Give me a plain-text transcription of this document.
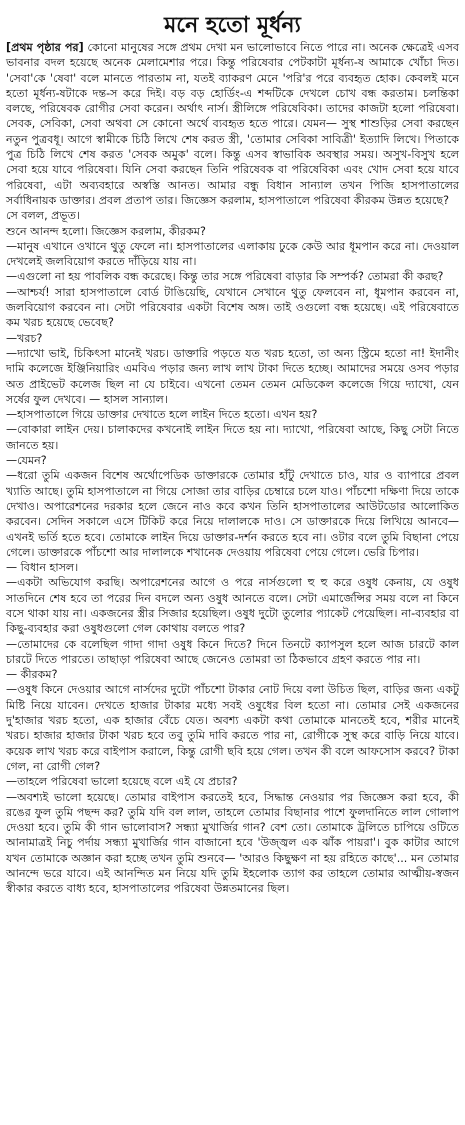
মনে হতো মূর্ধন্য

[প্রথম পৃষ্ঠার পর] কোনো মানুষের সঙ্গে প্রথম দেখা মন ভালোভাবে নিতে পারে না। অনেক ক্ষেত্রেই এসব ভাবনার বদল হয়েছে অনেক মেলামেশার পরে। কিন্তু পরিষেবার পেটকাটা মূর্ধন্য-ষ আমাকে খোঁচা দিত। 'সেবা'কে 'ষেবা' বলে মানতে পারতাম না, যতই ব্যাকরণ মেনে 'পরি'র পরে ব্যবহৃত হোক। কেবলই মনে হতো মূর্ধন্য-ষটাকে দন্ত-স করে দিই। বড় বড় হোর্ডিং-এ শব্দটিকে দেখলে চোখ বন্ধ করতাম। চলন্তিকা বলছে, পরিষেবক রোগীর সেবা করেন। অর্থাৎ নার্স। স্ত্রীলিঙ্গে পরিষেবিকা। তাদের কাজটা হলো পরিষেবা। সেবক, সেবিকা, সেবা অথবা সে কোনো অর্থে ব্যবহৃত হতে পারে। যেমন— সুস্থ শাশুড়ির সেবা করছেন নতুন পুত্রবধূ। আগে স্বামীকে চিঠি লিখে শেষ করত স্ত্রী, 'তোমার সেবিকা সাবিত্রী' ইত্যাদি লিখে। পিতাকে পুত্র চিঠি লিখে শেষ করত 'সেবক অমুক' বলে। কিন্তু এসব স্বাভাবিক অবস্থার সময়। অসুখ-বিসুখ হলে সেবা হয়ে যাবে পরিষেবা। যিনি সেবা করছেন তিনি পরিষেবক বা পরিষেবিকা এবং খোদ সেবা হয়ে যাবে পরিষেবা, এটা অব্যবহারে অস্বস্তি আনত। আমার বন্ধু বিধান সান্যাল তখন পিজি হাসপাতালের সর্বাধিনায়ক ডাক্তার। প্রবল প্রতাপ তার। জিজ্ঞেস করলাম, হাসপাতালে পরিষেবা কীরকম উন্নত হয়েছে?

সে বলল, প্রভূত।

শুনে আনন্দ হলো। জিজ্ঞেস করলাম, কীরকম?

—মানুষ এখানে ওখানে থুতু ফেলে না। হাসপাতালের এলাকায় ঢুকে কেউ আর ধূমপান করে না। দেওয়াল দেখলেই জলবিয়োগ করতে দাঁড়িয়ে যায় না।

—এগুলো না হয় পাবলিক বন্ধ করেছে। কিন্তু তার সঙ্গে পরিষেবা বাড়ার কি সম্পর্ক? তোমরা কী করছ?

—আশ্চর্য! সারা হাসপাতালে বোর্ড টাঙিয়েছি, যেখানে সেখানে থুতু ফেলবেন না, ধূমপান করবেন না, জলবিয়োগ করবেন না। সেটা পরিষেবার একটা বিশেষ অঙ্গ। তাই ওগুলো বন্ধ হয়েছে। এই পরিষেবাতে কম খরচ হয়েছে ভেবেছ?

—খরচ?

—দ্যাখো ভাই, চিকিৎসা মানেই খরচ। ডাক্তারি পড়তে যত খরচ হতো, তা অন্য স্ট্রিমে হতো না! ইদানীং দামি কলেজে ইঞ্জিনিয়ারিং এমবিএ পড়ার জন্য লাখ লাখ টাকা দিতে হচ্ছে। আমাদের সময়ে ওসব পড়ার অত প্রাইভেট কলেজ ছিল না যে চাইবে। এখনো তেমন তেমন মেডিকেল কলেজে গিয়ে দ্যাখো, যেন সর্ষের ফুল দেখবে। — হাসল সান্যাল।

—হাসপাতালে গিয়ে ডাক্তার দেখাতে হলে লাইন দিতে হতো। এখন হয়?

—বোকারা লাইন দেয়। চালাকদের কখনোই লাইন দিতে হয় না। দ্যাখো, পরিষেবা আছে, কিছু সেটা নিতে জানতে হয়।

—যেমন?

—ধরো তুমি একজন বিশেষ অর্থোপেডিক ডাক্তারকে তোমার হাঁটু দেখাতে চাও, যার ও ব্যাপারে প্রবল খ্যাতি আছে। তুমি হাসপাতালে না গিয়ে সোজা তার বাড়ির চেম্বারে চলে যাও। পাঁচশো দক্ষিণা দিয়ে তাকে দেখাও। অপারেশনের দরকার হলে জেনে নাও কবে কখন তিনি হাসপাতালের আউটডোর আলোকিত করবেন। সেদিন সকালে এসে টিকিট করে নিয়ে দালালকে দাও। সে ডাক্তারকে দিয়ে লিখিয়ে আনবে— এখনই ভর্তি হতে হবে। তোমাকে লাইন দিয়ে ডাক্তার-দর্শন করতে হবে না। ওটার বলে তুমি বিছানা পেয়ে গেলে। ডাক্তারকে পাঁচশো আর দালালকে শখানেক দেওয়ায় পরিষেবা পেয়ে গেলে। ভেরি চিপার।

— বিধান হাসল।

—একটা অভিযোগ করছি। অপারেশনের আগে ও পরে নার্সগুলো হু হু করে ওষুধ কেনায়, যে ওষুধ সাতদিনে শেষ হবে তা পরের দিন বদলে অন্য ওষুধ আনতে বলে। সেটা এমার্জেন্সির সময় বলে না কিনে বসে থাকা যায় না। একজনের স্ত্রীর সিজার হয়েছিল। ওষুধ দুটো তুলোর প্যাকেট পেয়েছিল। না-ব্যবহার বা কিছু-ব্যবহার করা ওষুধগুলো গেল কোথায় বলতে পার?

—তোমাদের কে বলেছিল গাদা গাদা ওষুধ কিনে দিতে? দিনে তিনটে ক্যাপসুল হলে আজ চারটে কাল চারটে দিতে পারতে। তাছাড়া পরিষেবা আছে জেনেও তোমরা তা ঠিকভাবে গ্রহণ করতে পার না।

— কীরকম?

—ওষুধ কিনে দেওয়ার আগে নার্সদের দুটো পাঁচশো টাকার নোট দিয়ে বলা উচিত ছিল, বাড়ির জন্য একটু মিষ্টি নিয়ে যাবেন। দেখতে হাজার টাকার মধ্যে সবই ওষুধের বিল হতো না। তোমার সেই একজনের দু'হাজার খরচ হতো, এক হাজার বেঁচে যেত। অবশ্য একটা কথা তোমাকে মানতেই হবে, শরীর মানেই খরচ। হাজার হাজার টাকা খরচ হবে তবু তুমি দাবি করতে পার না, রোগীকে সুস্থ করে বাড়ি নিয়ে যাবে। কয়েক লাখ খরচ করে বাইপাস করালে, কিন্তু রোগী ছবি হয়ে গেল। তখন কী বলে আফসোস করবে? টাকা গেল, না রোগী গেল?

—তাহলে পরিষেবা ভালো হয়েছে বলে এই যে প্রচার?

—অবশ্যই ভালো হয়েছে। তোমার বাইপাস করতেই হবে, সিদ্ধান্ত নেওয়ার পর জিজ্ঞেস করা হবে, কী রঙের ফুল তুমি পছন্দ কর? তুমি যদি বল লাল, তাহলে তোমার বিছানার পাশে ফুলদানিতে লাল গোলাপ দেওয়া হবে। তুমি কী গান ভালোবাস? সন্ধ্যা মুখার্জির গান? বেশ তো। তোমাকে ট্রলিতে চাপিয়ে ওটিতে আনামাত্রই নিচু পর্দায় সন্ধ্যা মুখার্জির গান বাজানো হবে 'উজ্জ্বল এক ঝাঁক পায়রা'। বুক কাটার আগে যখন তোমাকে অজ্ঞান করা হচ্ছে তখন তুমি শুনবে— 'আরও কিছুক্ষণ না হয় রহিতে কাছে'... মন তোমার আনন্দে ভরে যাবে। এই আনন্দিত মন নিয়ে যদি তুমি ইহলোক ত্যাগ কর তাহলে তোমার আত্মীয়-স্বজন স্বীকার করতে বাধ্য হবে, হাসপাতালের পরিষেবা উন্নতমানের ছিল।
